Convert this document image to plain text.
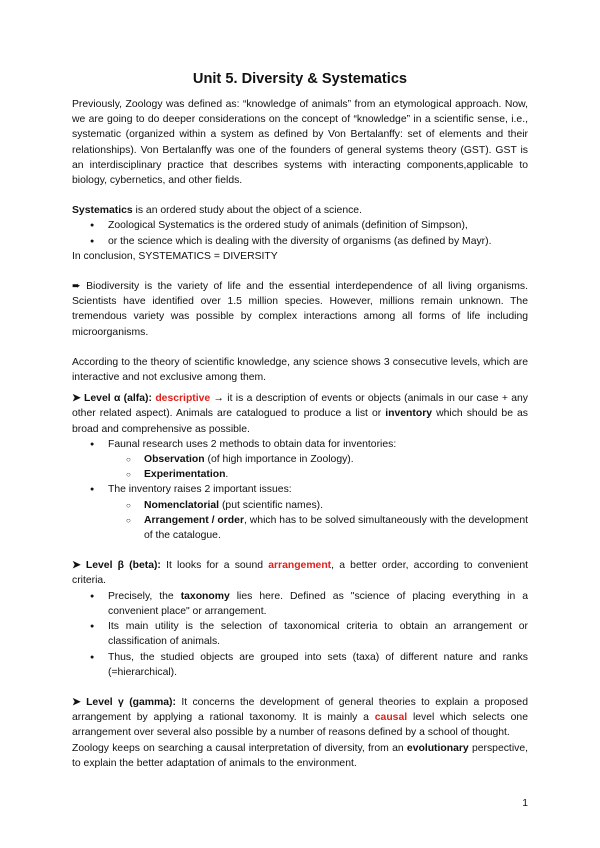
Unit 5. Diversity & Systematics

Previously, Zoology was defined as: “knowledge of animals” from an etymological approach. Now, we are going to do deeper considerations on the concept of “knowledge” in a scientific sense, i.e., systematic (organized within a system as defined by Von Bertalanffy: set of elements and their relationships). Von Bertalanffy was one of the founders of general systems theory (GST). GST is an interdisciplinary practice that describes systems with interacting components,applicable to biology, cybernetics, and other fields.

Systematics is an ordered study about the object of a science.

● Zoological Systematics is the ordered study of animals (definition of Simpson),
● or the science which is dealing with the diversity of organisms (as defined by Mayr).

In conclusion, SYSTEMATICS = DIVERSITY

➨ Biodiversity is the variety of life and the essential interdependence of all living organisms. Scientists have identified over 1.5 million species. However, millions remain unknown. The tremendous variety was possible by complex interactions among all forms of life including microorganisms.

According to the theory of scientific knowledge, any science shows 3 consecutive levels, which are interactive and not exclusive among them.

➤ Level α (alfa): descriptive → it is a description of events or objects (animals in our case + any other related aspect). Animals are catalogued to produce a list or inventory which should be as broad and comprehensive as possible.

● Faunal research uses 2 methods to obtain data for inventories:
○ Observation (of high importance in Zoology).
○ Experimentation.
● The inventory raises 2 important issues:
○ Nomenclatorial (put scientific names).
○ Arrangement / order, which has to be solved simultaneously with the development of the catalogue.

➤ Level β (beta): It looks for a sound arrangement, a better order, according to convenient criteria.

● Precisely, the taxonomy lies here. Defined as "science of placing everything in a convenient place" or arrangement.
● Its main utility is the selection of taxonomical criteria to obtain an arrangement or classification of animals.
● Thus, the studied objects are grouped into sets (taxa) of different nature and ranks (=hierarchical).

➤ Level γ (gamma): It concerns the development of general theories to explain a proposed arrangement by applying a rational taxonomy. It is mainly a causal level which selects one arrangement over several also possible by a number of reasons defined by a school of thought.

Zoology keeps on searching a causal interpretation of diversity, from an evolutionary perspective, to explain the better adaptation of animals to the environment.

1
